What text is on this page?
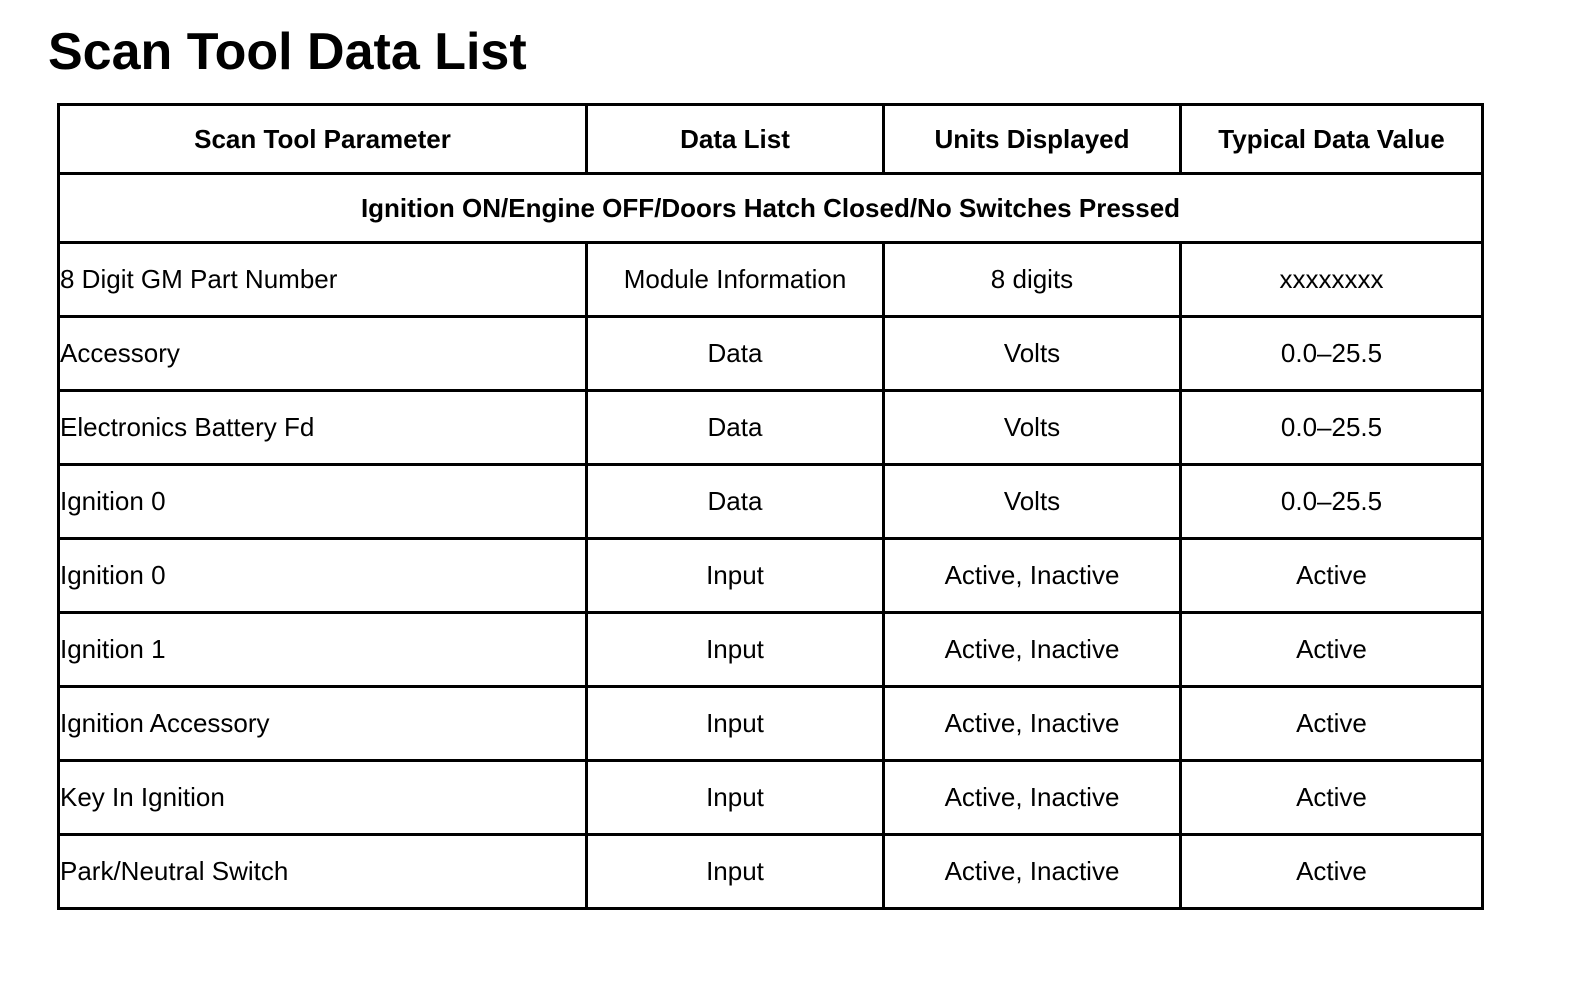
Scan Tool Data List
Scan Tool Parameter	Data List	Units Displayed	Typical Data Value
Ignition ON/Engine OFF/Doors Hatch Closed/No Switches Pressed			
8 Digit GM Part Number	Module Information	8 digits	xxxxxxxx
Accessory	Data	Volts	0.0–25.5
Electronics Battery Fd	Data	Volts	0.0–25.5
Ignition 0	Data	Volts	0.0–25.5
Ignition 0	Input	Active, Inactive	Active
Ignition 1	Input	Active, Inactive	Active
Ignition Accessory	Input	Active, Inactive	Active
Key In Ignition	Input	Active, Inactive	Active
Park/Neutral Switch	Input	Active, Inactive	Active
